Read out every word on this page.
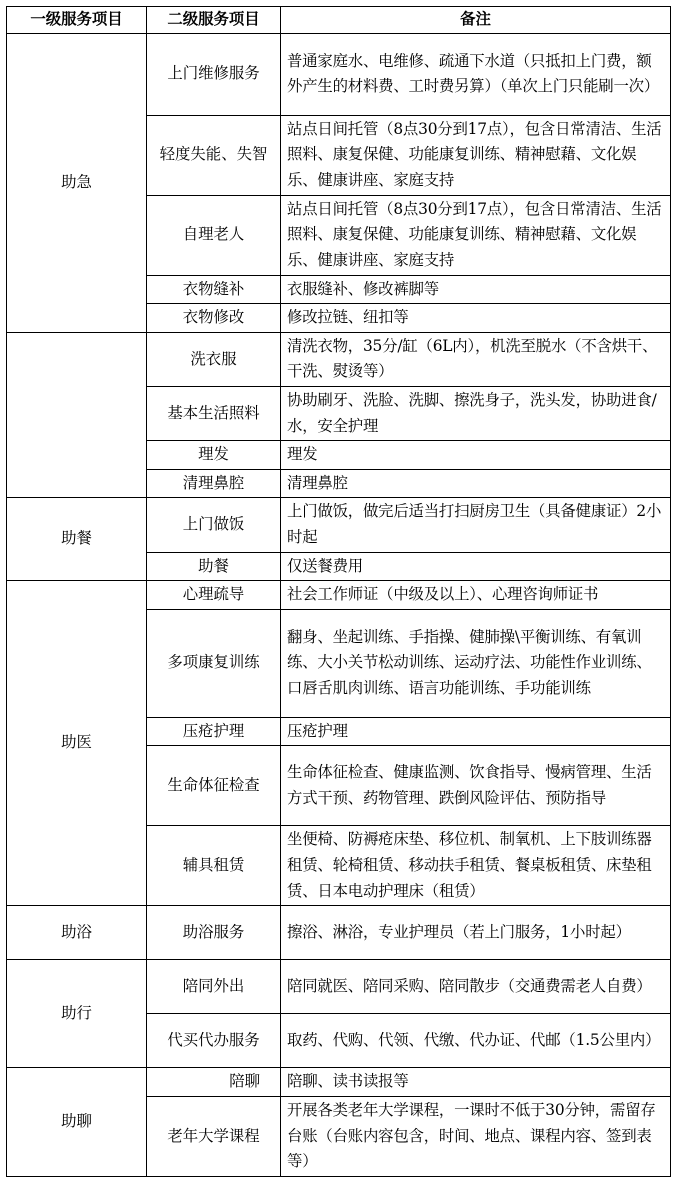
一级服务项目	二级服务项目	备注
助急	上门维修服务	普通家庭水、电维修、疏通下水道（只抵扣上门费，额外产生的材料费、工时费另算）（单次上门只能刷一次）
	轻度失能、失智	站点日间托管（8点30分到17点），包含日常清洁、生活照料、康复保健、功能康复训练、精神慰藉、文化娱乐、健康讲座、家庭支持
	自理老人	站点日间托管（8点30分到17点），包含日常清洁、生活照料、康复保健、功能康复训练、精神慰藉、文化娱乐、健康讲座、家庭支持
	衣物缝补	衣服缝补、修改裤脚等
	衣物修改	修改拉链、纽扣等
	洗衣服	清洗衣物，35分/缸（6L内），机洗至脱水（不含烘干、干洗、熨烫等）
	基本生活照料	协助刷牙、洗脸、洗脚、擦洗身子，洗头发，协助进食/水，安全护理
	理发	理发
	清理鼻腔	清理鼻腔
助餐	上门做饭	上门做饭，做完后适当打扫厨房卫生（具备健康证）2小时起
	助餐	仅送餐费用
助医	心理疏导	社会工作师证（中级及以上）、心理咨询师证书
	多项康复训练	翻身、坐起训练、手指操、健肺操\平衡训练、有氧训练、大小关节松动训练、运动疗法、功能性作业训练、口唇舌肌肉训练、语言功能训练、手功能训练
	压疮护理	压疮护理
	生命体征检查	生命体征检查、健康监测、饮食指导、慢病管理、生活方式干预、药物管理、跌倒风险评估、预防指导
	辅具租赁	坐便椅、防褥疮床垫、移位机、制氧机、上下肢训练器租赁、轮椅租赁、移动扶手租赁、餐桌板租赁、床垫租赁、日本电动护理床（租赁）
助浴	助浴服务	擦浴、淋浴，专业护理员（若上门服务，1小时起）
助行	陪同外出	陪同就医、陪同采购、陪同散步（交通费需老人自费）
	代买代办服务	取药、代购、代领、代缴、代办证、代邮（1.5公里内）
助聊	陪聊	陪聊、读书读报等
	老年大学课程	开展各类老年大学课程，一课时不低于30分钟，需留存台账（台账内容包含，时间、地点、课程内容、签到表等）
